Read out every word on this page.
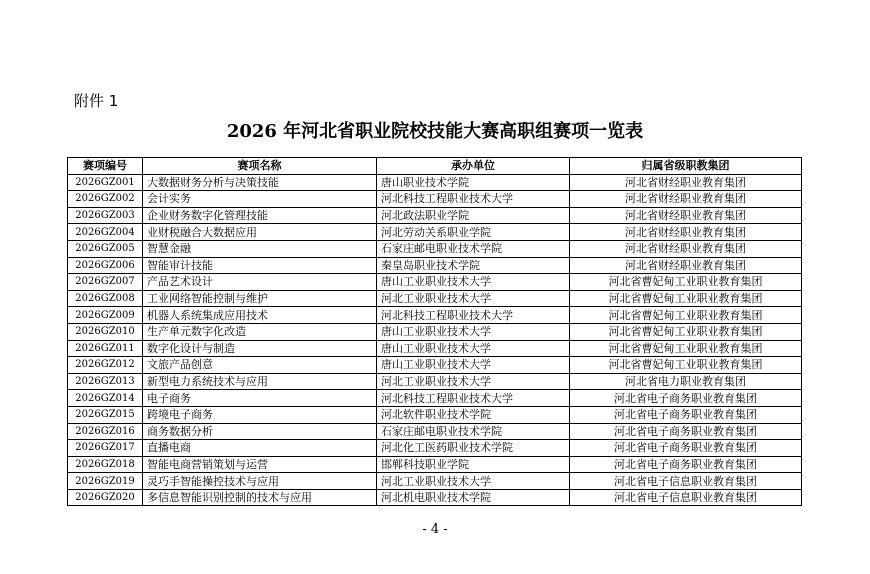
附件 1
2026 年河北省职业院校技能大赛高职组赛项一览表
赛项编号	赛项名称	承办单位	归属省级职教集团
2026GZ001	大数据财务分析与决策技能	唐山职业技术学院	河北省财经职业教育集团
2026GZ002	会计实务	河北科技工程职业技术大学	河北省财经职业教育集团
2026GZ003	企业财务数字化管理技能	河北政法职业学院	河北省财经职业教育集团
2026GZ004	业财税融合大数据应用	河北劳动关系职业学院	河北省财经职业教育集团
2026GZ005	智慧金融	石家庄邮电职业技术学院	河北省财经职业教育集团
2026GZ006	智能审计技能	秦皇岛职业技术学院	河北省财经职业教育集团
2026GZ007	产品艺术设计	唐山工业职业技术大学	河北省曹妃甸工业职业教育集团
2026GZ008	工业网络智能控制与维护	河北工业职业技术大学	河北省曹妃甸工业职业教育集团
2026GZ009	机器人系统集成应用技术	河北科技工程职业技术大学	河北省曹妃甸工业职业教育集团
2026GZ010	生产单元数字化改造	唐山工业职业技术大学	河北省曹妃甸工业职业教育集团
2026GZ011	数字化设计与制造	唐山工业职业技术大学	河北省曹妃甸工业职业教育集团
2026GZ012	文旅产品创意	唐山工业职业技术大学	河北省曹妃甸工业职业教育集团
2026GZ013	新型电力系统技术与应用	河北工业职业技术大学	河北省电力职业教育集团
2026GZ014	电子商务	河北科技工程职业技术大学	河北省电子商务职业教育集团
2026GZ015	跨境电子商务	河北软件职业技术学院	河北省电子商务职业教育集团
2026GZ016	商务数据分析	石家庄邮电职业技术学院	河北省电子商务职业教育集团
2026GZ017	直播电商	河北化工医药职业技术学院	河北省电子商务职业教育集团
2026GZ018	智能电商营销策划与运营	邯郸科技职业学院	河北省电子商务职业教育集团
2026GZ019	灵巧手智能操控技术与应用	河北工业职业技术大学	河北省电子信息职业教育集团
2026GZ020	多信息智能识别控制的技术与应用	河北机电职业技术学院	河北省电子信息职业教育集团
- 4 -
